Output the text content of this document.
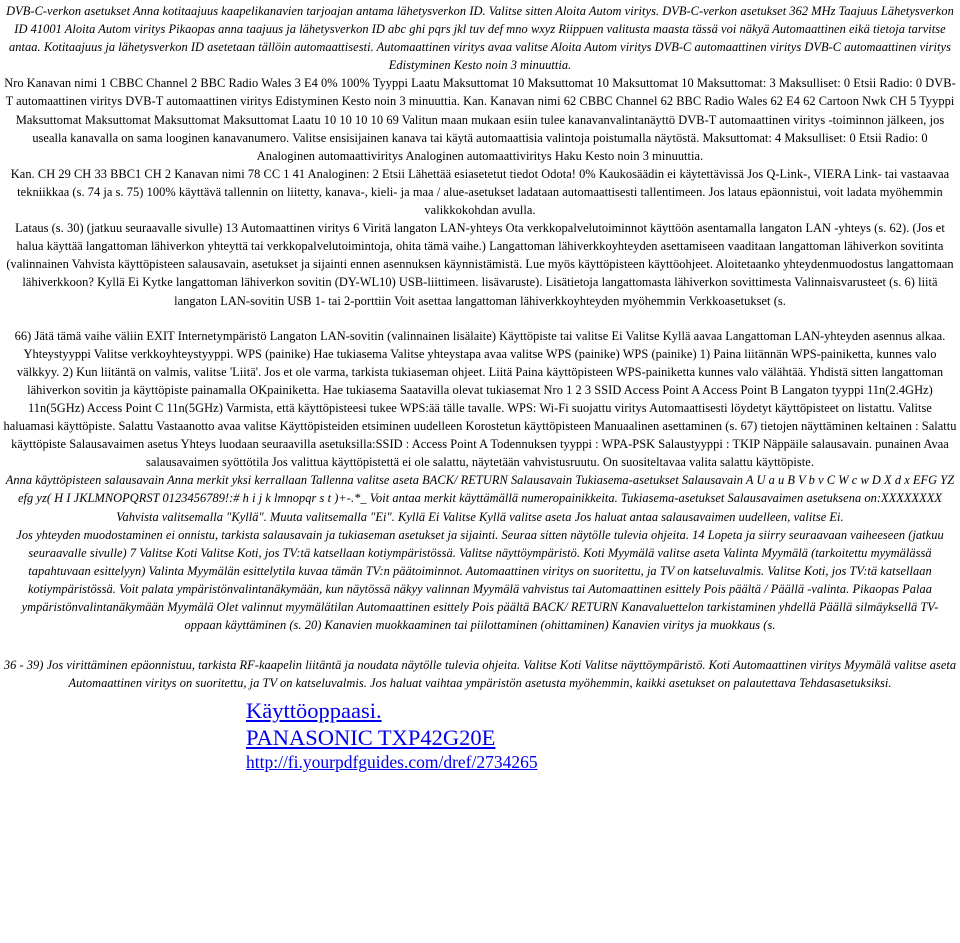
DVB-C-verkon asetukset Anna kotitaajuus kaapelikanavien tarjoajan antama lähetysverkon ID. Valitse sitten Aloita Autom viritys. DVB-C-verkon asetukset 362 MHz Taajuus Lähetysverkon ID 41001 Aloita Autom viritys Pikaopas anna taajuus ja lähetysverkon ID abc ghi pqrs jkl tuv def mno wxyz Riippuen valitusta maasta tässä voi näkyä Automaattinen eikä tietoja tarvitse antaa. Kotitaajuus ja lähetysverkon ID asetetaan tällöin automaattisesti. Automaattinen viritys avaa valitse Aloita Autom viritys DVB-C automaattinen viritys DVB-C automaattinen viritys Edistyminen Kesto noin 3 minuuttia.

Nro Kanavan nimi 1 CBBC Channel 2 BBC Radio Wales 3 E4 0% 100% Tyyppi Laatu Maksuttomat 10 Maksuttomat 10 Maksuttomat 10 Maksuttomat: 3 Maksulliset: 0 Etsii Radio: 0 DVB-T automaattinen viritys DVB-T automaattinen viritys Edistyminen Kesto noin 3 minuuttia. Kan. Kanavan nimi 62 CBBC Channel 62 BBC Radio Wales 62 E4 62 Cartoon Nwk CH 5 Tyyppi Maksuttomat Maksuttomat Maksuttomat Maksuttomat Laatu 10 10 10 10 69 Valitun maan mukaan esiin tulee kanavanvalintanäyttö DVB-T automaattinen viritys -toiminnon jälkeen, jos usealla kanavalla on sama looginen kanavanumero. Valitse ensisijainen kanava tai käytä automaattisia valintoja poistumalla näytöstä. Maksuttomat: 4 Maksulliset: 0 Etsii Radio: 0 Analoginen automaattiviritys Analoginen automaattiviritys Haku Kesto noin 3 minuuttia.

Kan. CH 29 CH 33 BBC1 CH 2 Kanavan nimi 78 CC 1 41 Analoginen: 2 Etsii Lähettää esiasetetut tiedot Odota! 0% Kaukosäädin ei käytettävissä Jos Q-Link-, VIERA Link- tai vastaavaa tekniikkaa (s. 74 ja s. 75) 100% käyttävä tallennin on liitetty, kanava-, kieli- ja maa / alue-asetukset ladataan automaattisesti tallentimeen. Jos lataus epäonnistui, voit ladata myöhemmin valikkokohdan avulla.

Lataus (s. 30) (jatkuu seuraavalle sivulle) 13 Automaattinen viritys 6 Viritä langaton LAN-yhteys Ota verkkopalvelutoiminnot käyttöön asentamalla langaton LAN -yhteys (s. 62). (Jos et halua käyttää langattoman lähiverkon yhteyttä tai verkkopalvelutoimintoja, ohita tämä vaihe.) Langattoman lähiverkkoyhteyden asettamiseen vaaditaan langattoman lähiverkon sovitinta (valinnainen Vahvista käyttöpisteen salausavain, asetukset ja sijainti ennen asennuksen käynnistämistä. Lue myös käyttöpisteen käyttöohjeet. Aloitetaanko yhteydenmuodostus langattomaan lähiverkkoon? Kyllä Ei Kytke langattoman lähiverkon sovitin (DY-WL10) USB-liittimeen. lisävaruste). Lisätietoja langattomasta lähiverkon sovittimesta Valinnaisvarusteet (s. 6) liitä langaton LAN-sovitin USB 1- tai 2-porttiin Voit asettaa langattoman lähiverkkoyhteyden myöhemmin Verkkoasetukset (s.

66) Jätä tämä vaihe väliin EXIT Internetympäristö Langaton LAN-sovitin (valinnainen lisälaite) Käyttöpiste tai valitse Ei Valitse Kyllä aavaa Langattoman LAN-yhteyden asennus alkaa. Yhteystyyppi Valitse verkkoyhteystyyppi. WPS (painike) Hae tukiasema Valitse yhteystapa avaa valitse WPS (painike) WPS (painike) 1) Paina liitännän WPS-painiketta, kunnes valo välkkyy. 2) Kun liitäntä on valmis, valitse 'Liitä'. Jos et ole varma, tarkista tukiaseman ohjeet. Liitä Paina käyttöpisteen WPS-painiketta kunnes valo välähtää. Yhdistä sitten langattoman lähiverkon sovitin ja käyttöpiste painamalla OKpainiketta. Hae tukiasema Saatavilla olevat tukiasemat Nro 1 2 3 SSID Access Point A Access Point B Langaton tyyppi 11n(2.4GHz) 11n(5GHz) Access Point C 11n(5GHz) Varmista, että käyttöpisteesi tukee WPS:ää tälle tavalle. WPS: Wi-Fi suojattu viritys Automaattisesti löydetyt käyttöpisteet on listattu. Valitse haluamasi käyttöpiste. Salattu Vastaanotto avaa valitse Käyttöpisteiden etsiminen uudelleen Korostetun käyttöpisteen Manuaalinen asettaminen (s. 67) tietojen näyttäminen keltainen : Salattu käyttöpiste Salausavaimen asetus Yhteys luodaan seuraavilla asetuksilla:SSID : Access Point A Todennuksen tyyppi : WPA-PSK Salaustyyppi : TKIP Näppäile salausavain. punainen Avaa salausavaimen syöttötila Jos valittua käyttöpistettä ei ole salattu, näytetään vahvistusruutu. On suositeltavaa valita salattu käyttöpiste.

Anna käyttöpisteen salausavain Anna merkit yksi kerrallaan Tallenna valitse aseta BACK/ RETURN Salausavain Tukiasema-asetukset Salausavain A U a u B V b v C W c w D X d x EFG YZ efg yz( H I JKLMNOPQRST 0123456789!:# h i j k lmnopqr s t )+-.*_ Voit antaa merkit käyttämällä numeropainikkeita. Tukiasema-asetukset Salausavaimen asetuksena on:XXXXXXXX Vahvista valitsemalla "Kyllä". Muuta valitsemalla "Ei". Kyllä Ei Valitse Kyllä valitse aseta Jos haluat antaa salausavaimen uudelleen, valitse Ei.

Jos yhteyden muodostaminen ei onnistu, tarkista salausavain ja tukiaseman asetukset ja sijainti. Seuraa sitten näytölle tulevia ohjeita. 14 Lopeta ja siirry seuraavaan vaiheeseen (jatkuu seuraavalle sivulle) 7 Valitse Koti Valitse Koti, jos TV:tä katsellaan kotiympäristössä. Valitse näyttöympäristö. Koti Myymälä valitse aseta Valinta Myymälä (tarkoitettu myymälässä tapahtuvaan esittelyyn) Valinta Myymälän esittelytila kuvaa tämän TV:n päätoiminnot. Automaattinen viritys on suoritettu, ja TV on katseluvalmis. Valitse Koti, jos TV:tä katsellaan kotiympäristössä. Voit palata ympäristönvalintanäkymään, kun näytössä näkyy valinnan Myymälä vahvistus tai Automaattinen esittely Pois päältä / Päällä -valinta. Pikaopas Palaa ympäristönvalintanäkymään Myymälä Olet valinnut myymälätilan Automaattinen esittely Pois päältä BACK/ RETURN Kanavaluettelon tarkistaminen yhdellä Päällä silmäyksellä TV-oppaan käyttäminen (s. 20) Kanavien muokkaaminen tai piilottaminen (ohittaminen) Kanavien viritys ja muokkaus (s.

36 - 39) Jos virittäminen epäonnistuu, tarkista RF-kaapelin liitäntä ja noudata näytölle tulevia ohjeita. Valitse Koti Valitse näyttöympäristö. Koti Automaattinen viritys Myymälä valitse aseta Automaattinen viritys on suoritettu, ja TV on katseluvalmis. Jos haluat vaihtaa ympäristön asetusta myöhemmin, kaikki asetukset on palautettava Tehdasasetuksiksi.

Käyttöoppaasi.
PANASONIC TXP42G20E
http://fi.yourpdfguides.com/dref/2734265
